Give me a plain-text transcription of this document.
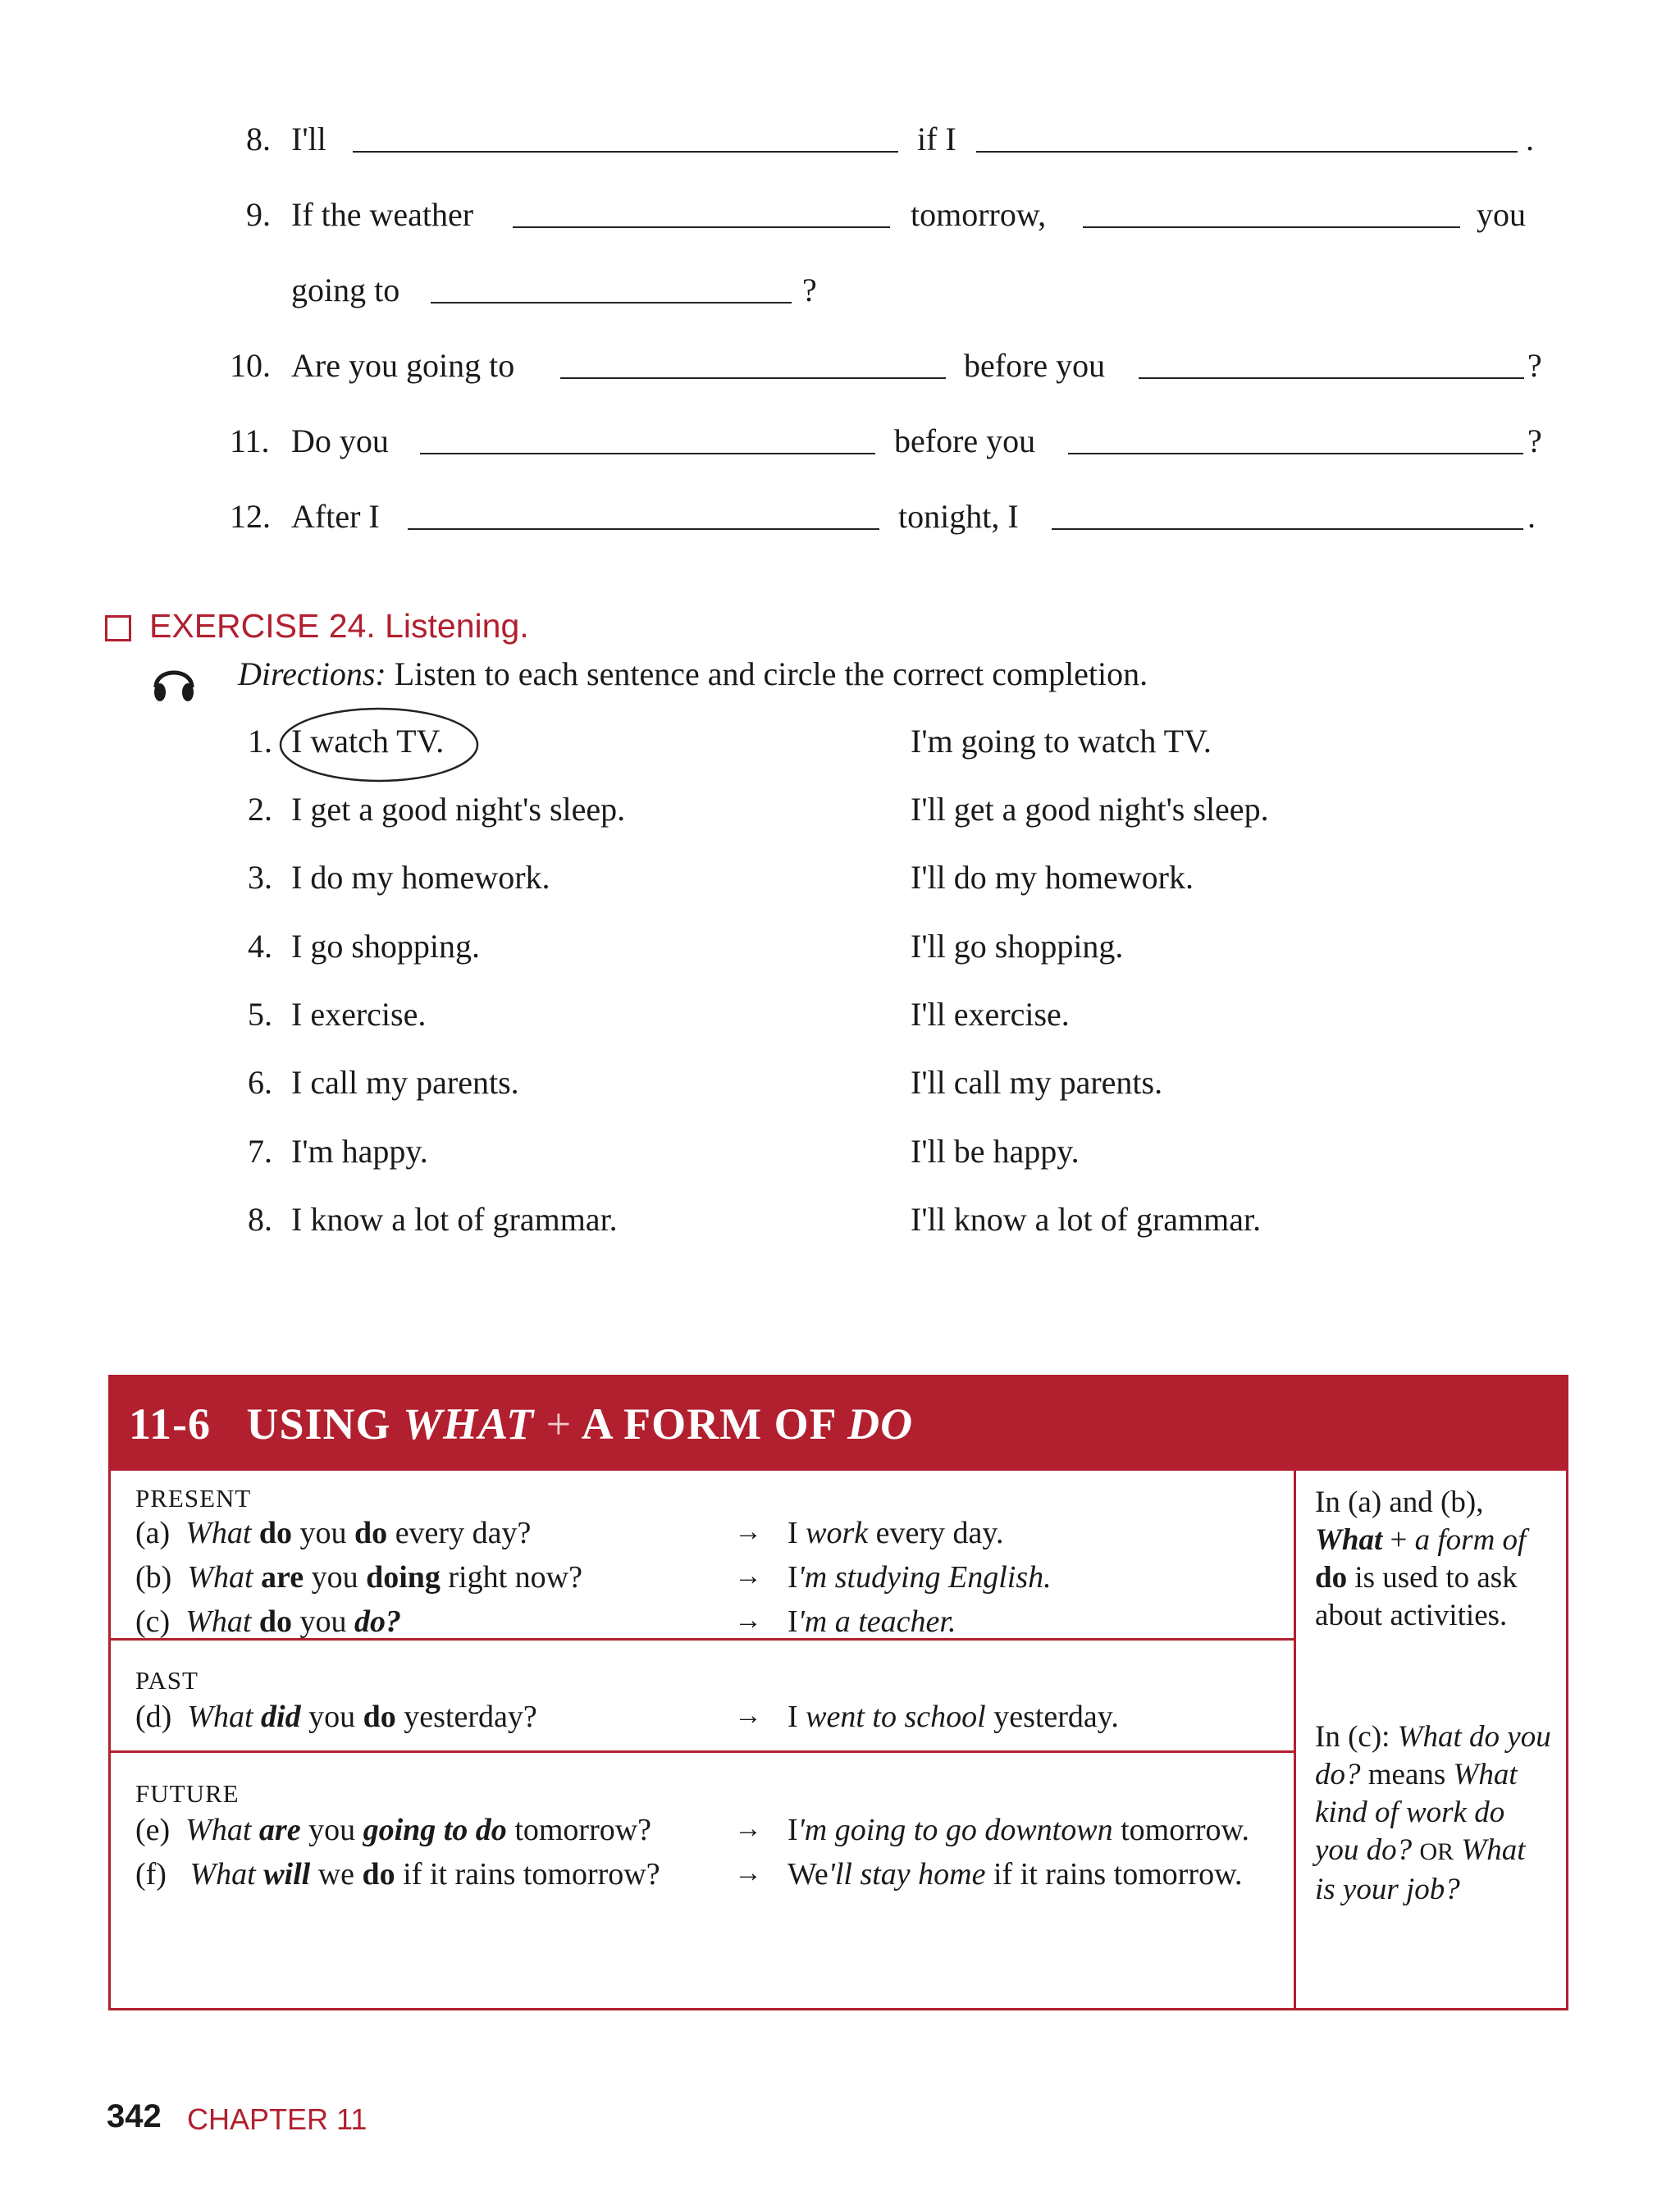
8. I'll	if I	.
9. If the weather	tomorrow,	you
going to	?
10. Are you going to	before you	?
11. Do you	before you	?
12. After I	tonight, I	.
EXERCISE 24. Listening.
Directions: Listen to each sentence and circle the correct completion.
1. I watch TV.	I'm going to watch TV.
2. I get a good night's sleep.	I'll get a good night's sleep.
3. I do my homework.	I'll do my homework.
4. I go shopping.	I'll go shopping.
5. I exercise.	I'll exercise.
6. I call my parents.	I'll call my parents.
7. I'm happy.	I'll be happy.
8. I know a lot of grammar.	I'll know a lot of grammar.
11-6 USING WHAT + A FORM OF DO
PRESENT
(a)  What do you do every day?	→ I work every day.
(b)  What are you doing right now?	→ I'm studying English.
(c)  What do you do?	→ I'm a teacher.
PAST
(d)  What did you do yesterday?	→ I went to school yesterday.
FUTURE
(e)  What are you going to do tomorrow?	→ I'm going to go downtown tomorrow.
(f)   What will we do if it rains tomorrow?	→ We'll stay home if it rains tomorrow.
In (a) and (b), What + a form of do is used to ask about activities.
In (c): What do you do? means What kind of work do you do? OR What is your job?
342 CHAPTER 11
